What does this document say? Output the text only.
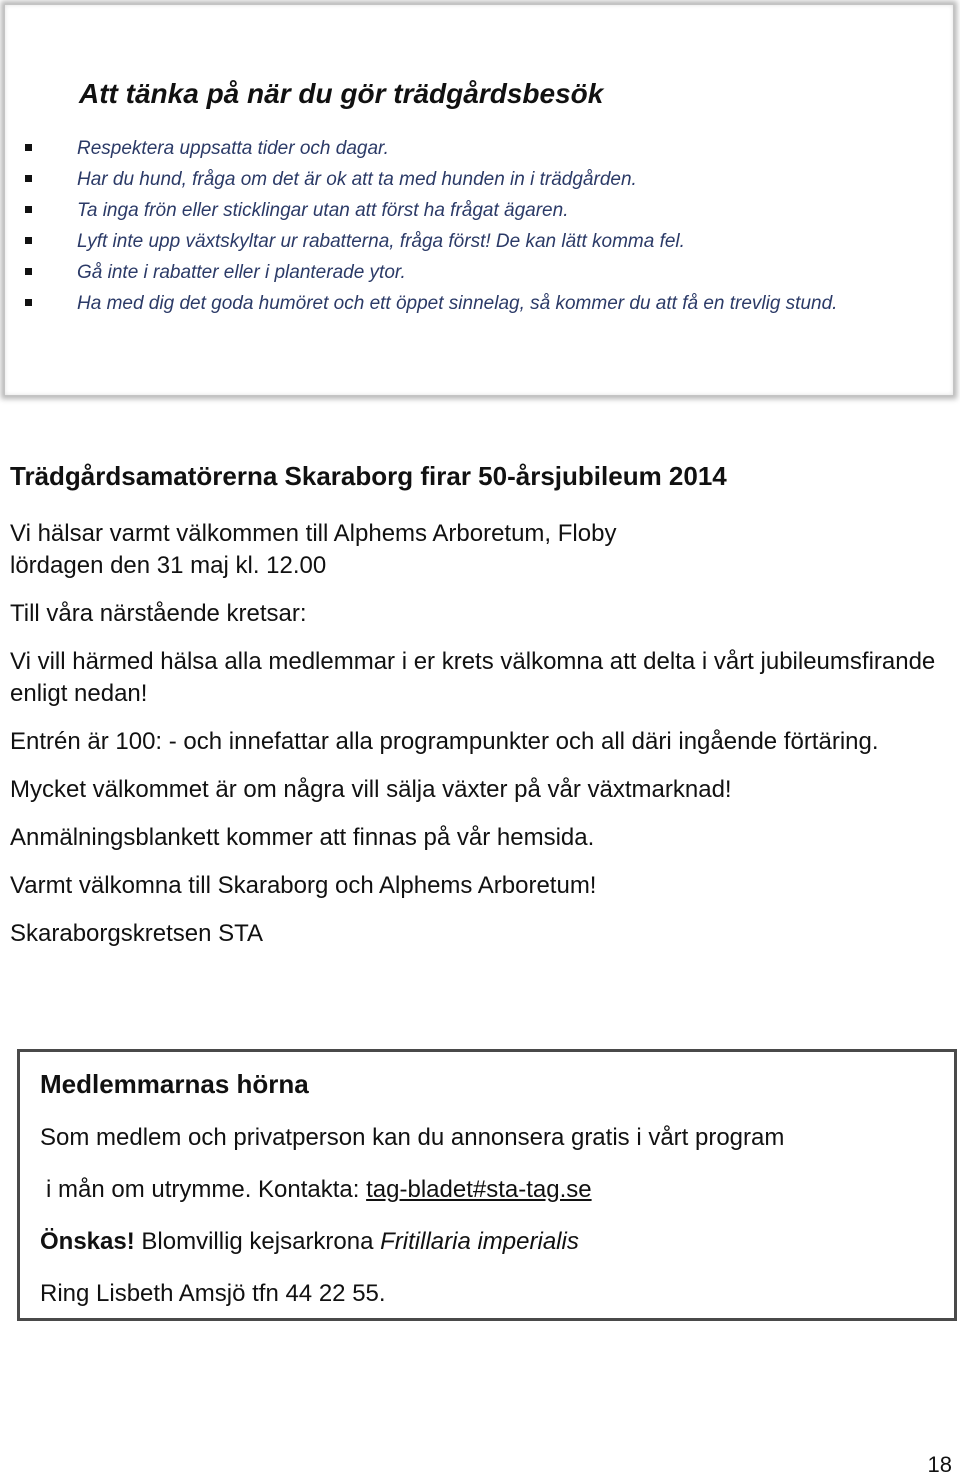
Att tänka på när du gör trädgårdsbesök
Respektera uppsatta tider och dagar.
Har du hund, fråga om det är ok att ta med hunden in i trädgården.
Ta inga frön eller sticklingar utan att först ha frågat ägaren.
Lyft inte upp växtskyltar ur rabatterna, fråga först! De kan lätt komma fel.
Gå inte i rabatter eller i planterade ytor.
Ha med dig det goda humöret och ett öppet sinnelag, så kommer du att få en trevlig stund.
Trädgårdsamatörerna Skaraborg firar 50-årsjubileum 2014

Vi hälsar varmt välkommen till Alphems Arboretum, Floby

lördagen den 31 maj kl. 12.00

Till våra närstående kretsar:

Vi vill härmed hälsa alla medlemmar i er krets välkomna att delta i vårt jubileumsfirande enligt nedan!

Entrén är 100: - och innefattar alla programpunkter och all däri ingående förtäring.

Mycket välkommet är om några vill sälja växter på vår växtmarknad!

Anmälningsblankett kommer att finnas på vår hemsida.

Varmt välkomna till Skaraborg och Alphems Arboretum!

Skaraborgskretsen STA

Medlemmarnas hörna

Som medlem och privatperson kan du annonsera gratis i vårt program

i mån om utrymme. Kontakta: tag-bladet#sta-tag.se

Önskas! Blomvillig kejsarkrona Fritillaria imperialis

Ring Lisbeth Amsjö tfn 44 22 55.

18
